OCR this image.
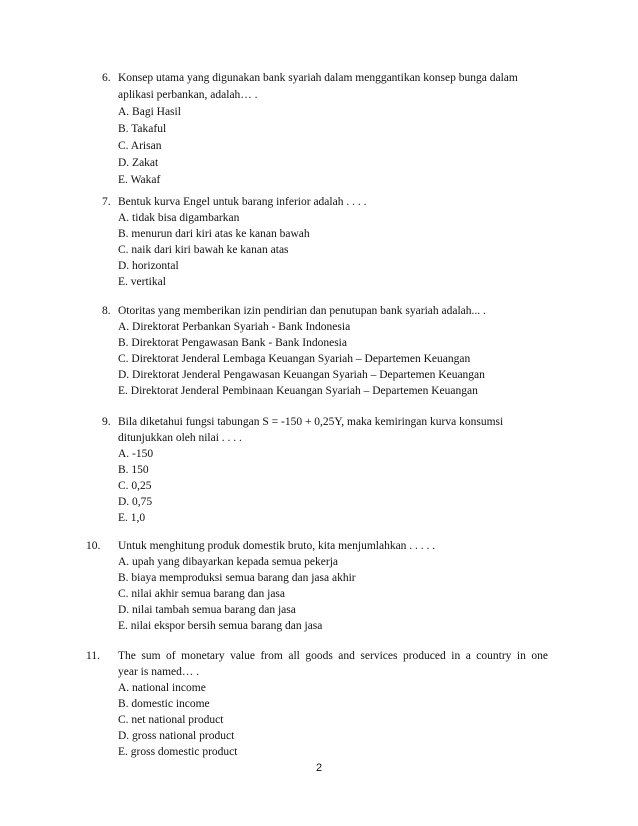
6. Konsep utama yang digunakan bank syariah dalam menggantikan konsep bunga dalam
aplikasi perbankan, adalah… .
A. Bagi Hasil
B. Takaful
C. Arisan
D. Zakat
E. Wakaf
7. Bentuk kurva Engel untuk barang inferior adalah . . . .
A. tidak bisa digambarkan
B. menurun dari kiri atas ke kanan bawah
C. naik dari kiri bawah ke kanan atas
D. horizontal
E. vertikal
8. Otoritas yang memberikan izin pendirian dan penutupan bank syariah adalah... .
A. Direktorat Perbankan Syariah - Bank Indonesia
B. Direktorat Pengawasan Bank - Bank Indonesia
C. Direktorat Jenderal Lembaga Keuangan Syariah – Departemen Keuangan
D. Direktorat Jenderal Pengawasan Keuangan Syariah – Departemen Keuangan
E. Direktorat Jenderal Pembinaan Keuangan Syariah – Departemen Keuangan
9. Bila diketahui fungsi tabungan S = -150 + 0,25Y, maka kemiringan kurva konsumsi
ditunjukkan oleh nilai . . . .
A. -150
B. 150
C. 0,25
D. 0,75
E. 1,0
10. Untuk menghitung produk domestik bruto, kita menjumlahkan . . . . .
A. upah yang dibayarkan kepada semua pekerja
B. biaya memproduksi semua barang dan jasa akhir
C. nilai akhir semua barang dan jasa
D. nilai tambah semua barang dan jasa
E. nilai ekspor bersih semua barang dan jasa
11. The sum of monetary value from all goods and services produced in a country in one
year is named… .
A. national income
B. domestic income
C. net national product
D. gross national product
E. gross domestic product
2
